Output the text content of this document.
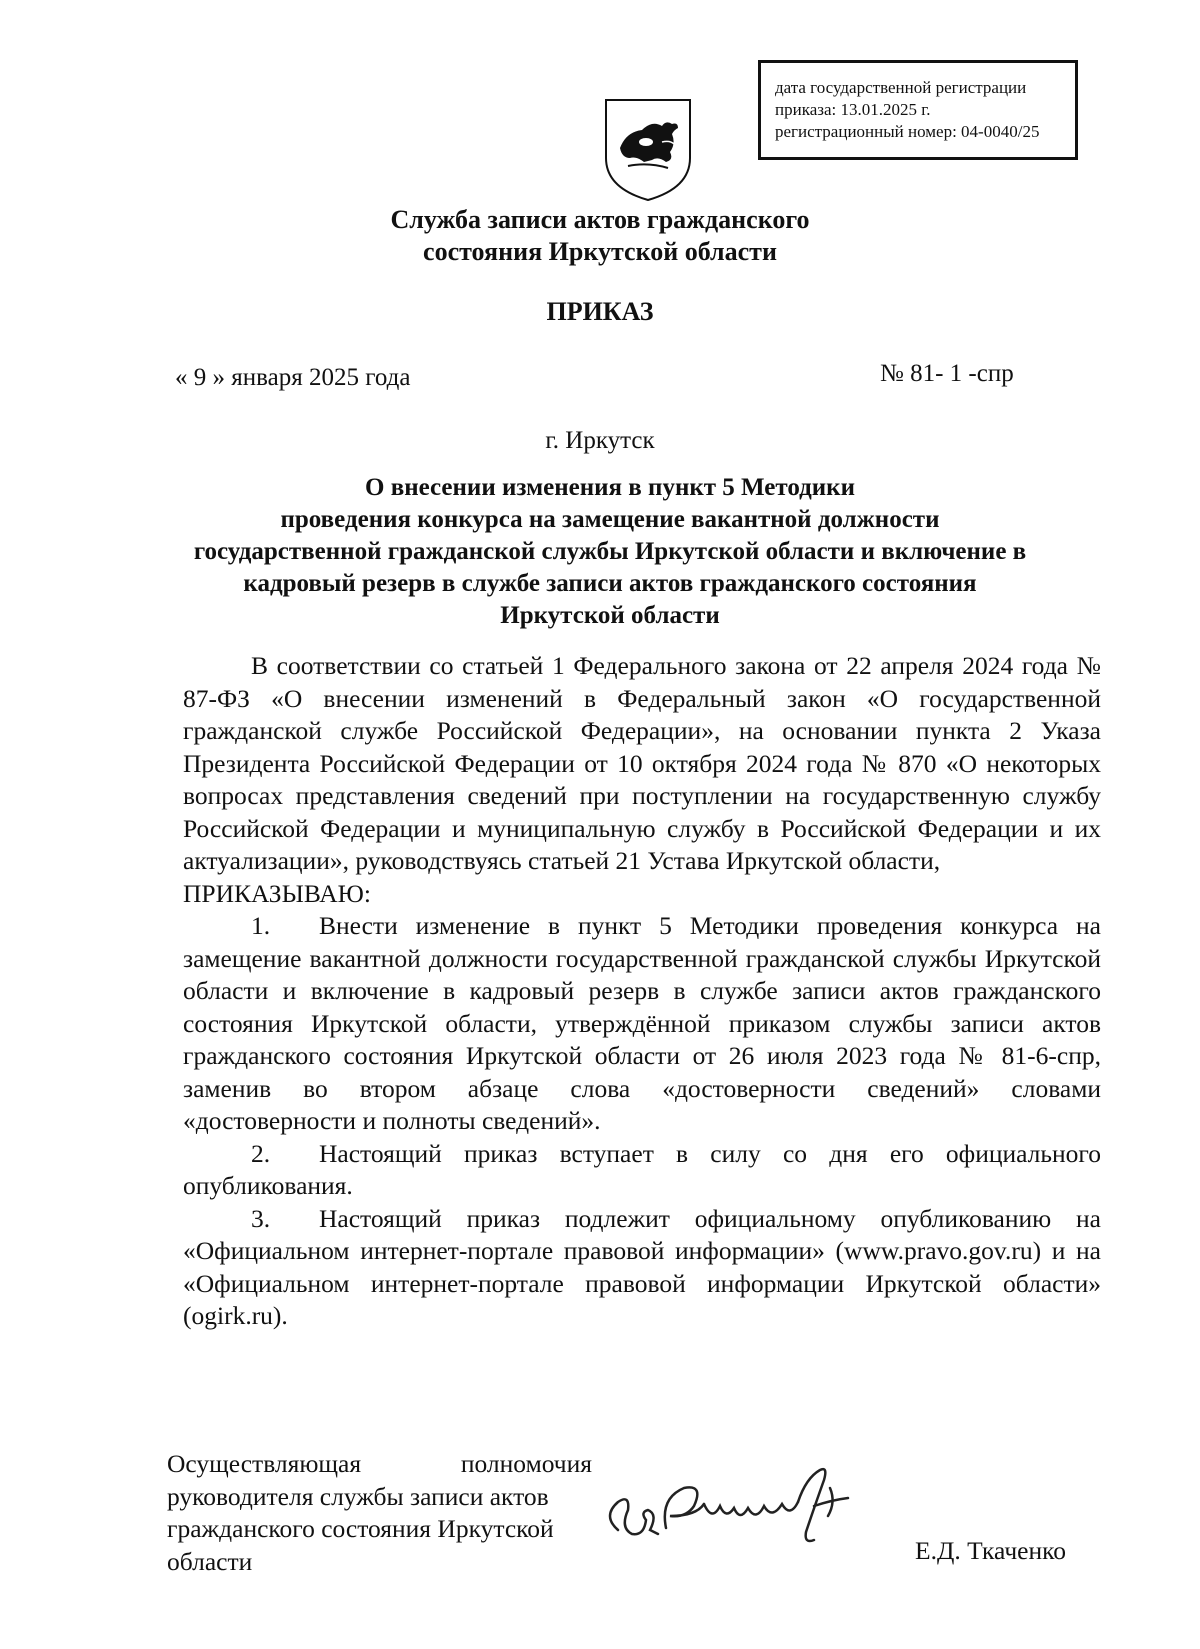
дата государственной регистрации
приказа: 13.01.2025 г.
регистрационный номер: 04-0040/25
Служба записи актов гражданского
состояния Иркутской области
ПРИКАЗ
« 9 » января 2025 года	№ 81- 1 -спр
г. Иркутск
О внесении изменения в пункт 5 Методики
проведения конкурса на замещение вакантной должности
государственной гражданской службы Иркутской области и включение в
кадровый резерв в службе записи актов гражданского состояния
Иркутской области

В соответствии со статьей 1 Федерального закона от 22 апреля 2024 года № 87-ФЗ «О внесении изменений в Федеральный закон «О государственной гражданской службе Российской Федерации», на основании пункта 2 Указа Президента Российской Федерации от 10 октября 2024 года № 870 «О некоторых вопросах представления сведений при поступлении на государственную службу Российской Федерации и муниципальную службу в Российской Федерации и их актуализации», руководствуясь статьей 21 Устава Иркутской области,

ПРИКАЗЫВАЮ:

1. Внести изменение в пункт 5 Методики проведения конкурса на замещение вакантной должности государственной гражданской службы Иркутской области и включение в кадровый резерв в службе записи актов гражданского состояния Иркутской области, утверждённой приказом службы записи актов гражданского состояния Иркутской области от 26 июля 2023 года № 81-6-спр, заменив во втором абзаце слова «достоверности сведений» словами «достоверности и полноты сведений».

2. Настоящий приказ вступает в силу со дня его официального опубликования.

3. Настоящий приказ подлежит официальному опубликованию на «Официальном интернет-портале правовой информации» (www.pravo.gov.ru) и на «Официальном интернет-портале правовой информации Иркутской области» (ogirk.ru).

Осуществляющая	полномочия
руководителя службы записи актов
гражданского состояния Иркутской
области	Е.Д. Ткаченко
